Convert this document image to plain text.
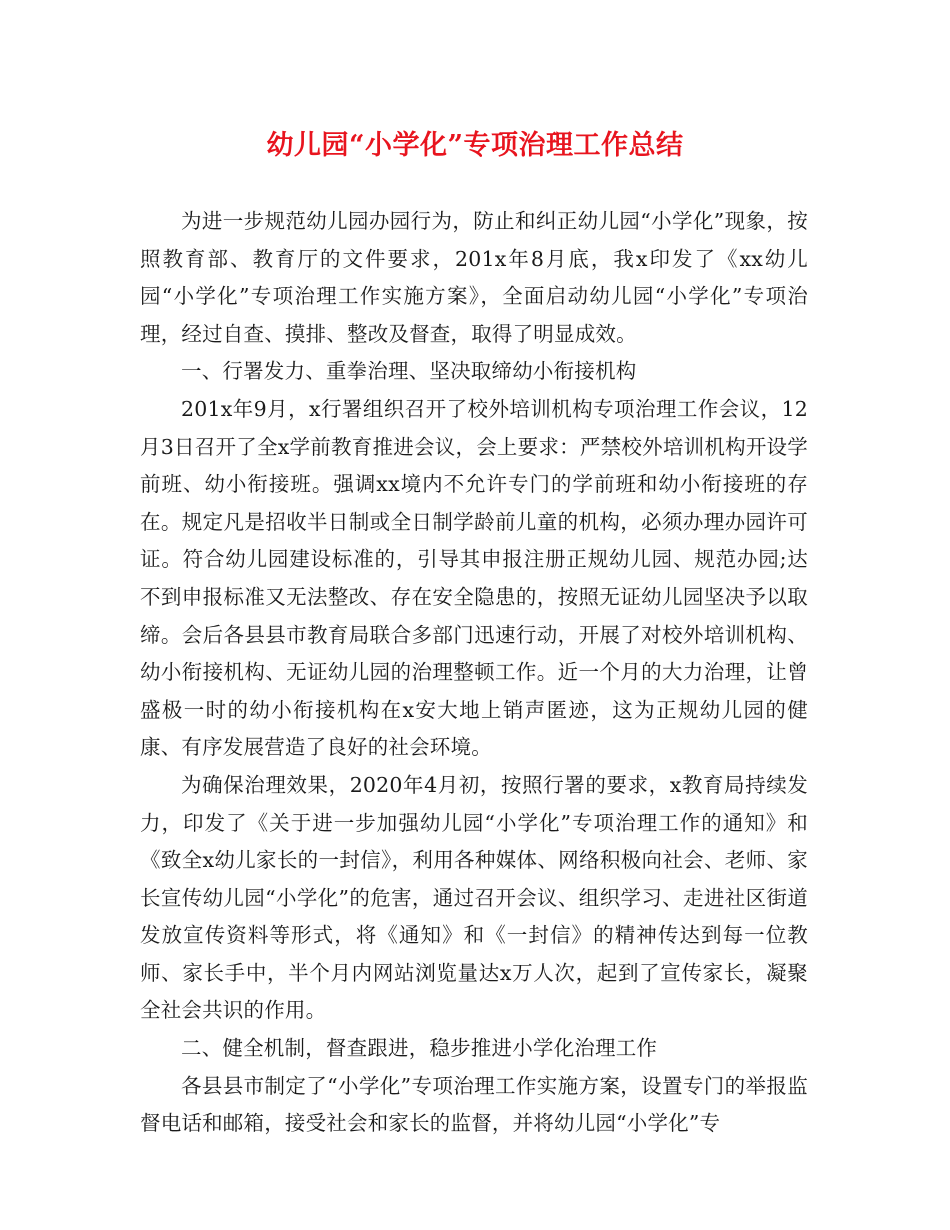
幼儿园“小学化”专项治理工作总结

为进一步规范幼儿园办园行为，防止和纠正幼儿园“小学化”现象，按照教育部、教育厅的文件要求，201x年8月底，我x印发了《xx幼儿园“小学化”专项治理工作实施方案》，全面启动幼儿园“小学化”专项治理，经过自查、摸排、整改及督查，取得了明显成效。

一、行署发力、重拳治理、坚决取缔幼小衔接机构

201x年9月，x行署组织召开了校外培训机构专项治理工作会议，12月3日召开了全x学前教育推进会议，会上要求：严禁校外培训机构开设学前班、幼小衔接班。强调xx境内不允许专门的学前班和幼小衔接班的存在。规定凡是招收半日制或全日制学龄前儿童的机构，必须办理办园许可证。符合幼儿园建设标准的，引导其申报注册正规幼儿园、规范办园;达不到申报标准又无法整改、存在安全隐患的，按照无证幼儿园坚决予以取缔。会后各县县市教育局联合多部门迅速行动，开展了对校外培训机构、幼小衔接机构、无证幼儿园的治理整顿工作。近一个月的大力治理，让曾盛极一时的幼小衔接机构在x安大地上销声匿迹，这为正规幼儿园的健康、有序发展营造了良好的社会环境。

为确保治理效果，2020年4月初，按照行署的要求，x教育局持续发力，印发了《关于进一步加强幼儿园“小学化”专项治理工作的通知》和《致全x幼儿家长的一封信》，利用各种媒体、网络积极向社会、老师、家长宣传幼儿园“小学化”的危害，通过召开会议、组织学习、走进社区街道发放宣传资料等形式，将《通知》和《一封信》的精神传达到每一位教师、家长手中，半个月内网站浏览量达x万人次，起到了宣传家长，凝聚全社会共识的作用。

二、健全机制，督查跟进，稳步推进小学化治理工作

各县县市制定了“小学化”专项治理工作实施方案，设置专门的举报监督电话和邮箱，接受社会和家长的监督，并将幼儿园“小学化”专
